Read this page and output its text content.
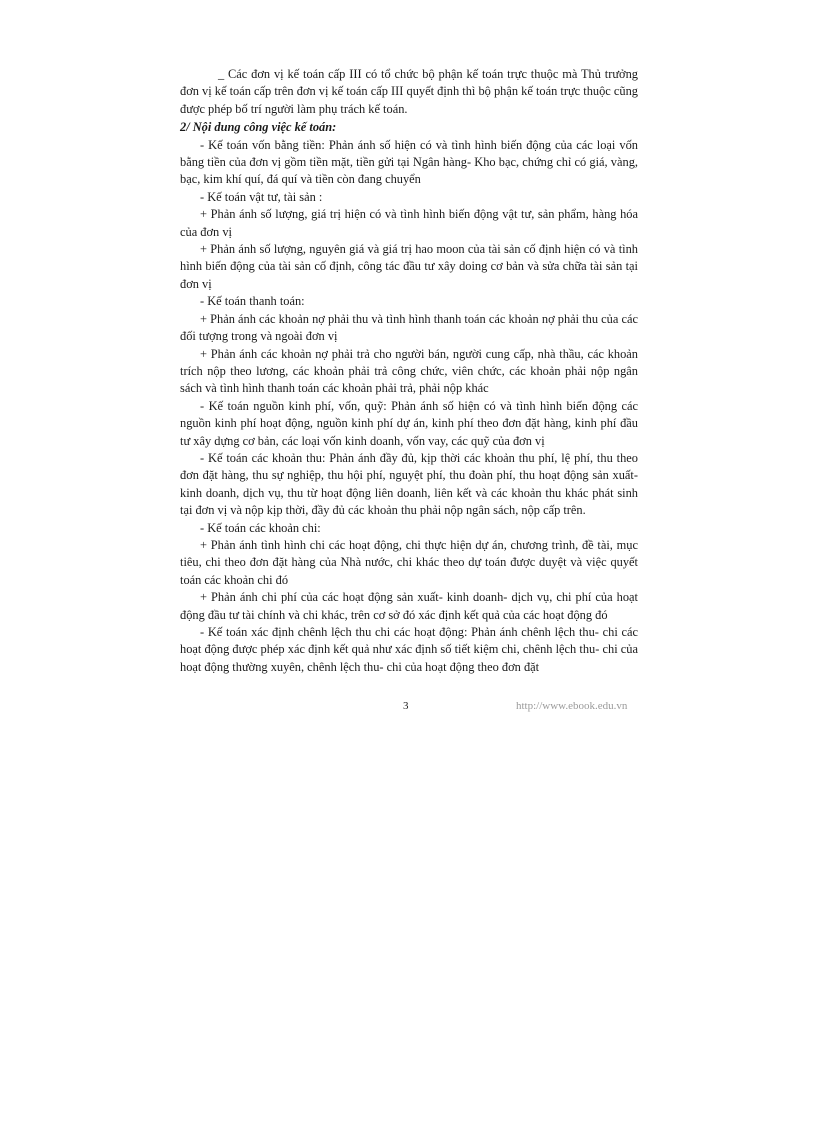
_ Các đơn vị kế toán cấp III có tổ chức bộ phận kế toán trực thuộc mà Thủ trưởng đơn vị kế toán cấp trên đơn vị kế toán cấp III quyết định thì bộ phận kế toán trực thuộc cũng được phép bố trí người làm phụ trách kế toán.

2/ Nội dung công việc kế toán:

- Kế toán vốn bằng tiền: Phản ánh số hiện có và tình hình biến động của các loại vốn bằng tiền của đơn vị gồm tiền mặt, tiền gửi tại Ngân hàng- Kho bạc, chứng chỉ có giá, vàng, bạc, kim khí quí, đá quí và tiền còn đang chuyển

- Kế toán vật tư, tài sản :

+ Phản ánh số lượng, giá trị hiện có và tình hình biến động vật tư, sản phẩm, hàng hóa của đơn vị

+ Phản ánh số lượng, nguyên giá và giá trị hao moon của tài sản cố định hiện có và tình hình biến động của tài sản cố định, công tác đầu tư xây doing cơ bản và sửa chữa tài sản tại đơn vị

- Kế toán thanh toán:

+ Phản ánh các khoản nợ phải thu và tình hình thanh toán các khoản nợ phải thu của các đối tượng trong và ngoài đơn vị

+ Phản ánh các khoản nợ phải trả cho người bán, người cung cấp, nhà thầu, các khoản trích nộp theo lương, các khoản phải trả công chức, viên chức, các khoản phải nộp ngân sách và tình hình thanh toán các khoản phải trả, phải nộp khác

- Kế toán nguồn kinh phí, vốn, quỹ: Phản ánh số hiện có và tình hình biến động các nguồn kinh phí hoạt động, nguồn kinh phí dự án, kinh phí theo đơn đặt hàng, kinh phí đầu tư xây dựng cơ bản, các loại vốn kinh doanh, vốn vay, các quỹ của đơn vị

- Kế toán các khoản thu: Phản ánh đầy đủ, kịp thời các khoản thu phí, lệ phí, thu theo đơn đặt hàng, thu sự nghiệp, thu hội phí, nguyệt phí, thu đoàn phí, thu hoạt động sản xuất- kinh doanh, dịch vụ, thu từ hoạt động liên doanh, liên kết và các khoản thu khác phát sinh tại đơn vị và nộp kịp thời, đầy đủ các khoản thu phải nộp ngân sách, nộp cấp trên.

- Kế toán các khoản chi:

+ Phản ánh tình hình chi các hoạt động, chi thực hiện dự án, chương trình, đề tài, mục tiêu, chi theo đơn đặt hàng của Nhà nước, chi khác theo dự toán được duyệt và việc quyết toán các khoản chi đó

+ Phản ánh chi phí của các hoạt động sản xuất- kinh doanh- dịch vụ, chi phí của hoạt động đầu tư tài chính và chi khác, trên cơ sở đó xác định kết quả của các hoạt động đó

- Kế toán xác định chênh lệch thu chi các hoạt động: Phản ánh chênh lệch thu- chi các hoạt động được phép xác định kết quả như xác định số tiết kiệm chi, chênh lệch thu- chi của hoạt động thường xuyên, chênh lệch thu- chi của hoạt động theo đơn đặt

3	http://www.ebook.edu.vn
